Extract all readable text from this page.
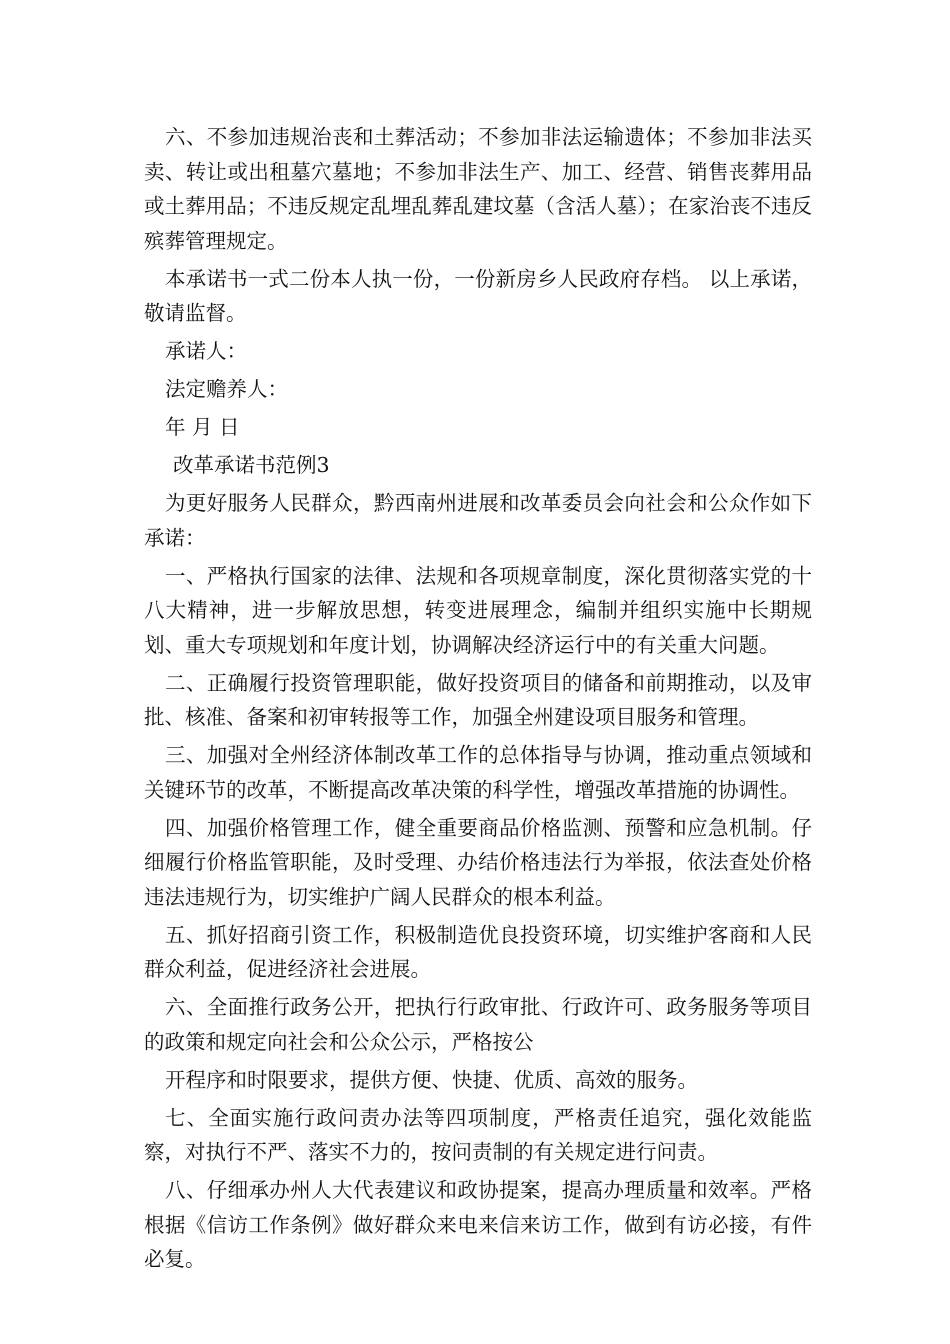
六、不参加违规治丧和土葬活动；不参加非法运输遗体；不参加非法买卖、转让或出租墓穴墓地；不参加非法生产、加工、经营、销售丧葬用品或土葬用品；不违反规定乱埋乱葬乱建坟墓（含活人墓）；在家治丧不违反殡葬管理规定。

本承诺书一式二份本人执一份，一份新房乡人民政府存档。 以上承诺，敬请监督。

承诺人：

法定赡养人：

年 月 日

改革承诺书范例3

为更好服务人民群众，黔西南州进展和改革委员会向社会和公众作如下承诺：

一、严格执行国家的法律、法规和各项规章制度，深化贯彻落实党的十八大精神，进一步解放思想，转变进展理念，编制并组织实施中长期规划、重大专项规划和年度计划，协调解决经济运行中的有关重大问题。

二、正确履行投资管理职能，做好投资项目的储备和前期推动，以及审批、核准、备案和初审转报等工作，加强全州建设项目服务和管理。

三、加强对全州经济体制改革工作的总体指导与协调，推动重点领域和关键环节的改革，不断提高改革决策的科学性，增强改革措施的协调性。

四、加强价格管理工作，健全重要商品价格监测、预警和应急机制。仔细履行价格监管职能，及时受理、办结价格违法行为举报，依法查处价格违法违规行为，切实维护广阔人民群众的根本利益。

五、抓好招商引资工作，积极制造优良投资环境，切实维护客商和人民群众利益，促进经济社会进展。

六、全面推行政务公开，把执行行政审批、行政许可、政务服务等项目的政策和规定向社会和公众公示，严格按公

开程序和时限要求，提供方便、快捷、优质、高效的服务。

七、全面实施行政问责办法等四项制度，严格责任追究，强化效能监察，对执行不严、落实不力的，按问责制的有关规定进行问责。

八、仔细承办州人大代表建议和政协提案，提高办理质量和效率。严格根据《信访工作条例》做好群众来电来信来访工作，做到有访必接，有件必复。
